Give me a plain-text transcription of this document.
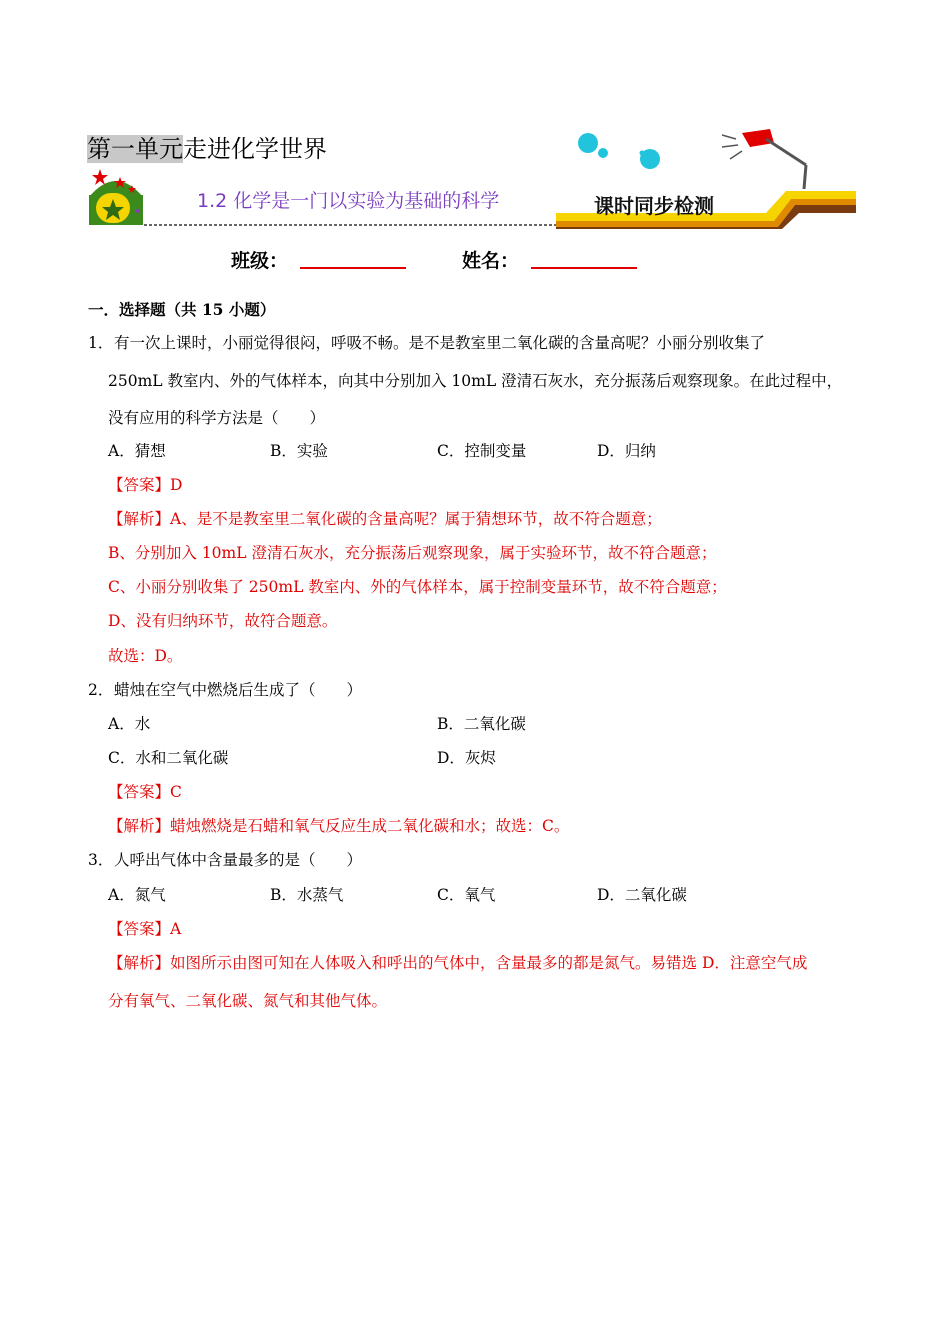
第一单元走进化学世界
1.2 化学是一门以实验为基础的科学	课时同步检测
班级：	姓名：
一．选择题（共 15 小题）
1． 有一次上课时，小丽觉得很闷，呼吸不畅。是不是教室里二氧化碳的含量高呢？小丽分别收集了
250mL 教室内、外的气体样本，向其中分别加入 10mL 澄清石灰水，充分振荡后观察现象。在此过程中，
没有应用的科学方法是（　　）
A．猜想	B．实验	C．控制变量	D．归纳
【答案】D
【解析】A、是不是教室里二氧化碳的含量高呢？属于猜想环节，故不符合题意；
B、分别加入 10mL 澄清石灰水，充分振荡后观察现象，属于实验环节，故不符合题意；
C、小丽分别收集了 250mL 教室内、外的气体样本，属于控制变量环节，故不符合题意；
D、没有归纳环节，故符合题意。
故选：D。
2． 蜡烛在空气中燃烧后生成了（　　）
A．水	B．二氧化碳
C．水和二氧化碳	D．灰烬
【答案】C
【解析】蜡烛燃烧是石蜡和氧气反应生成二氧化碳和水；故选：C。
3． 人呼出气体中含量最多的是（　　）
A．氮气	B．水蒸气	C．氧气	D．二氧化碳
【答案】A
【解析】如图所示由图可知在人体吸入和呼出的气体中，含量最多的都是氮气。易错选 D．注意空气成
分有氧气、二氧化碳、氮气和其他气体。
